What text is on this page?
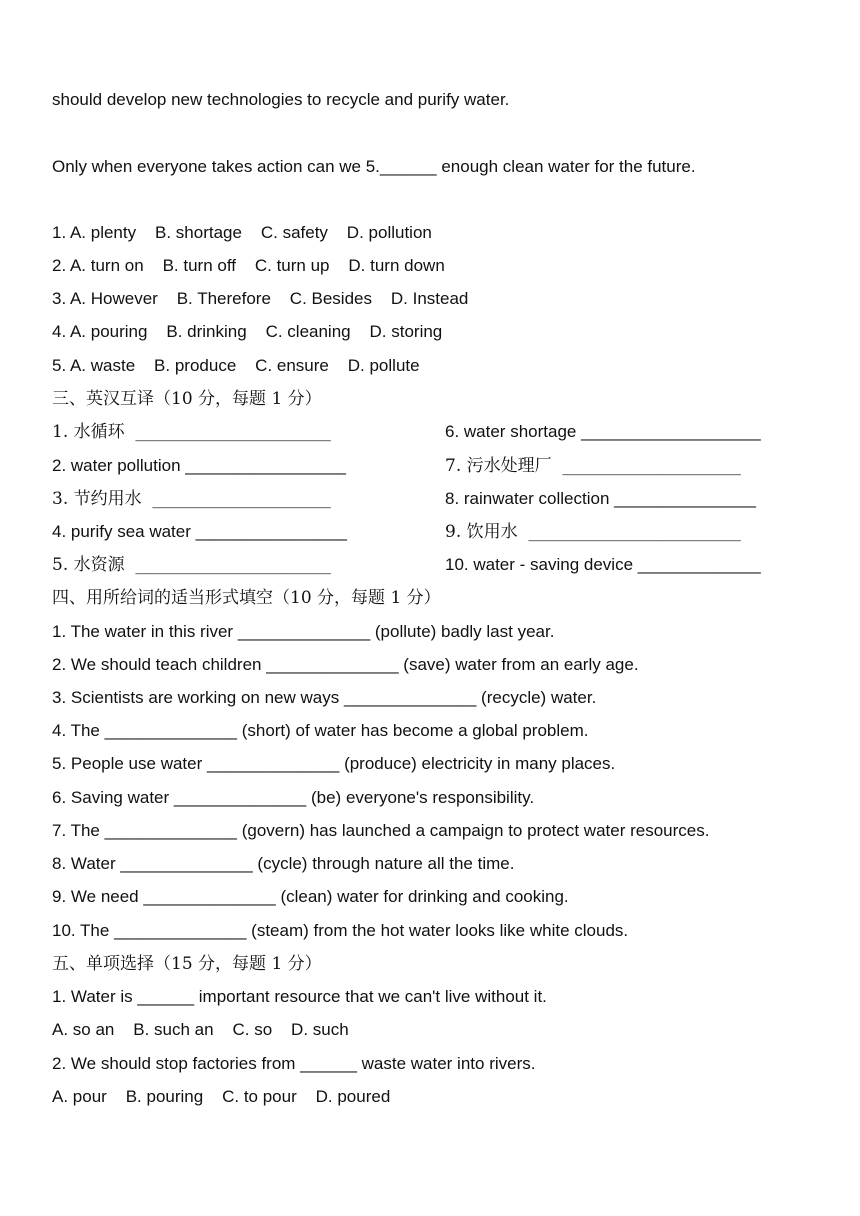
should develop new technologies to recycle and purify water.
Only when everyone takes action can we 5.______ enough clean water for the future.
1. A. plenty    B. shortage    C. safety    D. pollution
2. A. turn on    B. turn off    C. turn up    D. turn down
3. A. However    B. Therefore    C. Besides    D. Instead
4. A. pouring    B. drinking    C. cleaning    D. storing
5. A. waste    B. produce    C. ensure    D. pollute
三、英汉互译（10 分，每题 1 分）
1. 水循环  _______________________
2. water pollution _________________
3. 节约用水  _____________________
4. purify sea water ________________
5. 水资源  _______________________
6. water shortage ___________________
7. 污水处理厂  _____________________
8. rainwater collection _______________
9. 饮用水  _________________________
10. water - saving device _____________
四、用所给词的适当形式填空（10 分，每题 1 分）
1. The water in this river ______________ (pollute) badly last year.
2. We should teach children ______________ (save) water from an early age.
3. Scientists are working on new ways ______________ (recycle) water.
4. The ______________ (short) of water has become a global problem.
5. People use water ______________ (produce) electricity in many places.
6. Saving water ______________ (be) everyone's responsibility.
7. The ______________ (govern) has launched a campaign to protect water resources.
8. Water ______________ (cycle) through nature all the time.
9. We need ______________ (clean) water for drinking and cooking.
10. The ______________ (steam) from the hot water looks like white clouds.
五、单项选择（15 分，每题 1 分）
1. Water is ______ important resource that we can't live without it.
A. so an    B. such an    C. so    D. such
2. We should stop factories from ______ waste water into rivers.
A. pour    B. pouring    C. to pour    D. poured
